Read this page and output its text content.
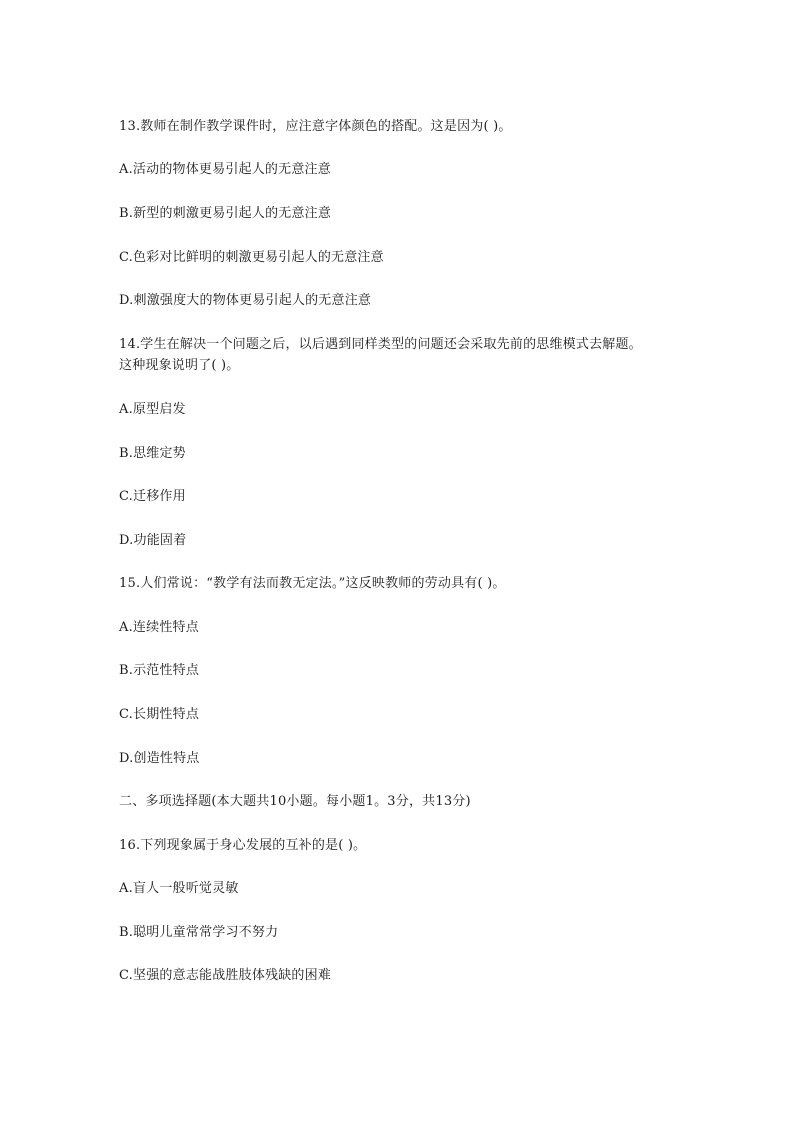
13.教师在制作教学课件时，应注意字体颜色的搭配。这是因为( )。
A.活动的物体更易引起人的无意注意
B.新型的刺激更易引起人的无意注意
C.色彩对比鲜明的刺激更易引起人的无意注意
D.刺激强度大的物体更易引起人的无意注意
14.学生在解决一个问题之后，以后遇到同样类型的问题还会采取先前的思维模式去解题。
这种现象说明了( )。
A.原型启发
B.思维定势
C.迁移作用
D.功能固着
15.人们常说：“教学有法而教无定法。”这反映教师的劳动具有( )。
A.连续性特点
B.示范性特点
C.长期性特点
D.创造性特点
二、多项选择题(本大题共10小题。每小题1。3分，共13分)
16.下列现象属于身心发展的互补的是( )。
A.盲人一般听觉灵敏
B.聪明儿童常常学习不努力
C.坚强的意志能战胜肢体残缺的困难
